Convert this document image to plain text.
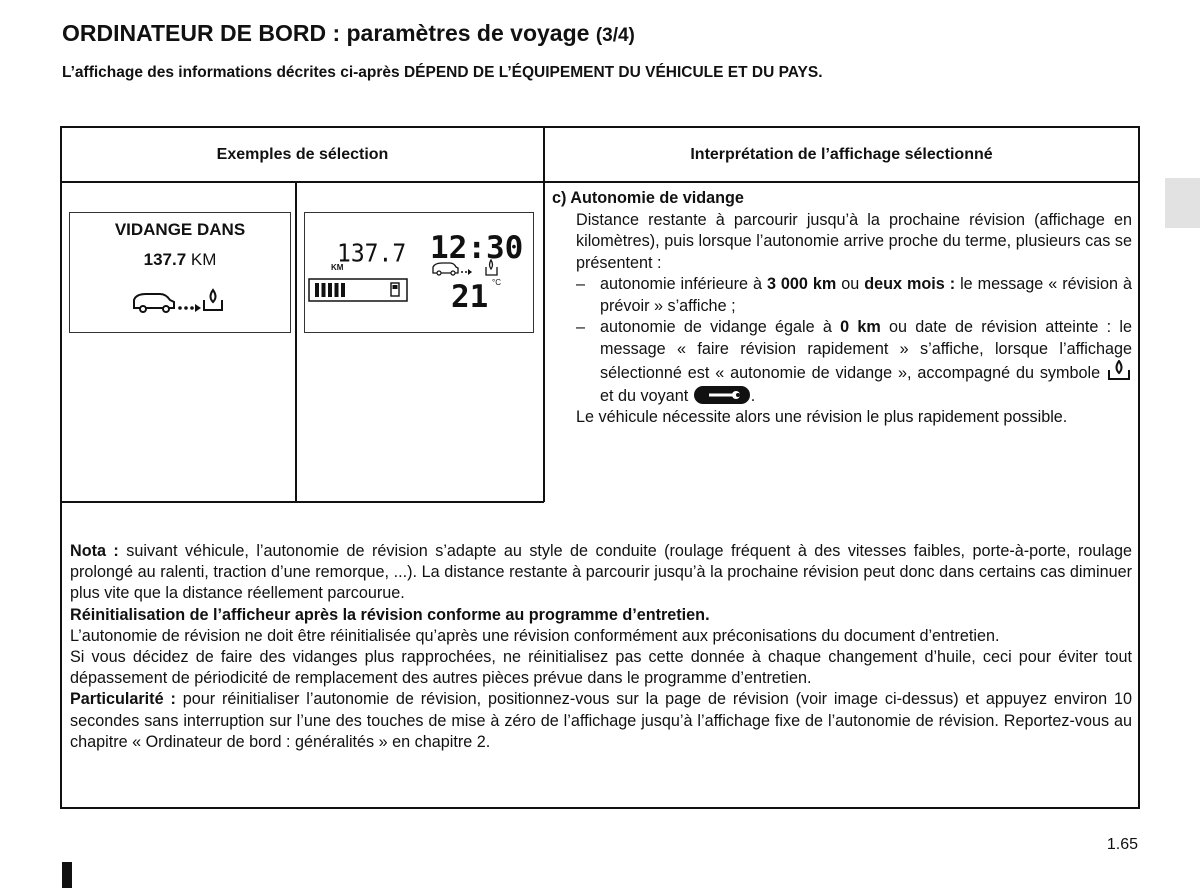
ORDINATEUR DE BORD : paramètres de voyage (3/4)
L’affichage des informations décrites ci-après DÉPEND DE L’ÉQUIPEMENT DU VÉHICULE ET DU PAYS.
Exemples de sélection	Interprétation de l’affichage sélectionné
VIDANGE DANS
137.7 KM	137.7
KM
12:30
21 °C
c) Autonomie de vidange
Distance restante à parcourir jusqu’à la prochaine révision (affichage en kilomètres), puis lorsque l’autonomie arrive proche du terme, plusieurs cas se présentent :
– autonomie inférieure à 3 000 km ou deux mois : le message « révision à prévoir » s’affiche ;
– autonomie de vidange égale à 0 km ou date de révision atteinte : le message « faire révision rapidement » s’affiche, lorsque l’affichage sélectionné est « autonomie de vidange », accompagné du symbole  et du voyant	.
Le véhicule nécessite alors une révision le plus rapidement possible.
Nota : suivant véhicule, l’autonomie de révision s’adapte au style de conduite (roulage fréquent à des vitesses faibles, porte-à-porte, roulage prolongé au ralenti, traction d’une remorque, ...). La distance restante à parcourir jusqu’à la prochaine révision peut donc dans certains cas diminuer plus vite que la distance réellement parcourue.
Réinitialisation de l’afficheur après la révision conforme au programme d’entretien.
L’autonomie de révision ne doit être réinitialisée qu’après une révision conformément aux préconisations du document d’entretien.
Si vous décidez de faire des vidanges plus rapprochées, ne réinitialisez pas cette donnée à chaque changement d’huile, ceci pour éviter tout dépassement de périodicité de remplacement des autres pièces prévue dans le programme d’entretien.
Particularité : pour réinitialiser l’autonomie de révision, positionnez-vous sur la page de révision (voir image ci-dessus) et appuyez environ 10 secondes sans interruption sur l’une des touches de mise à zéro de l’affichage jusqu’à l’affichage fixe de l’autonomie de révision. Reportez-vous au chapitre « Ordinateur de bord : généralités » en chapitre 2.
1.65
